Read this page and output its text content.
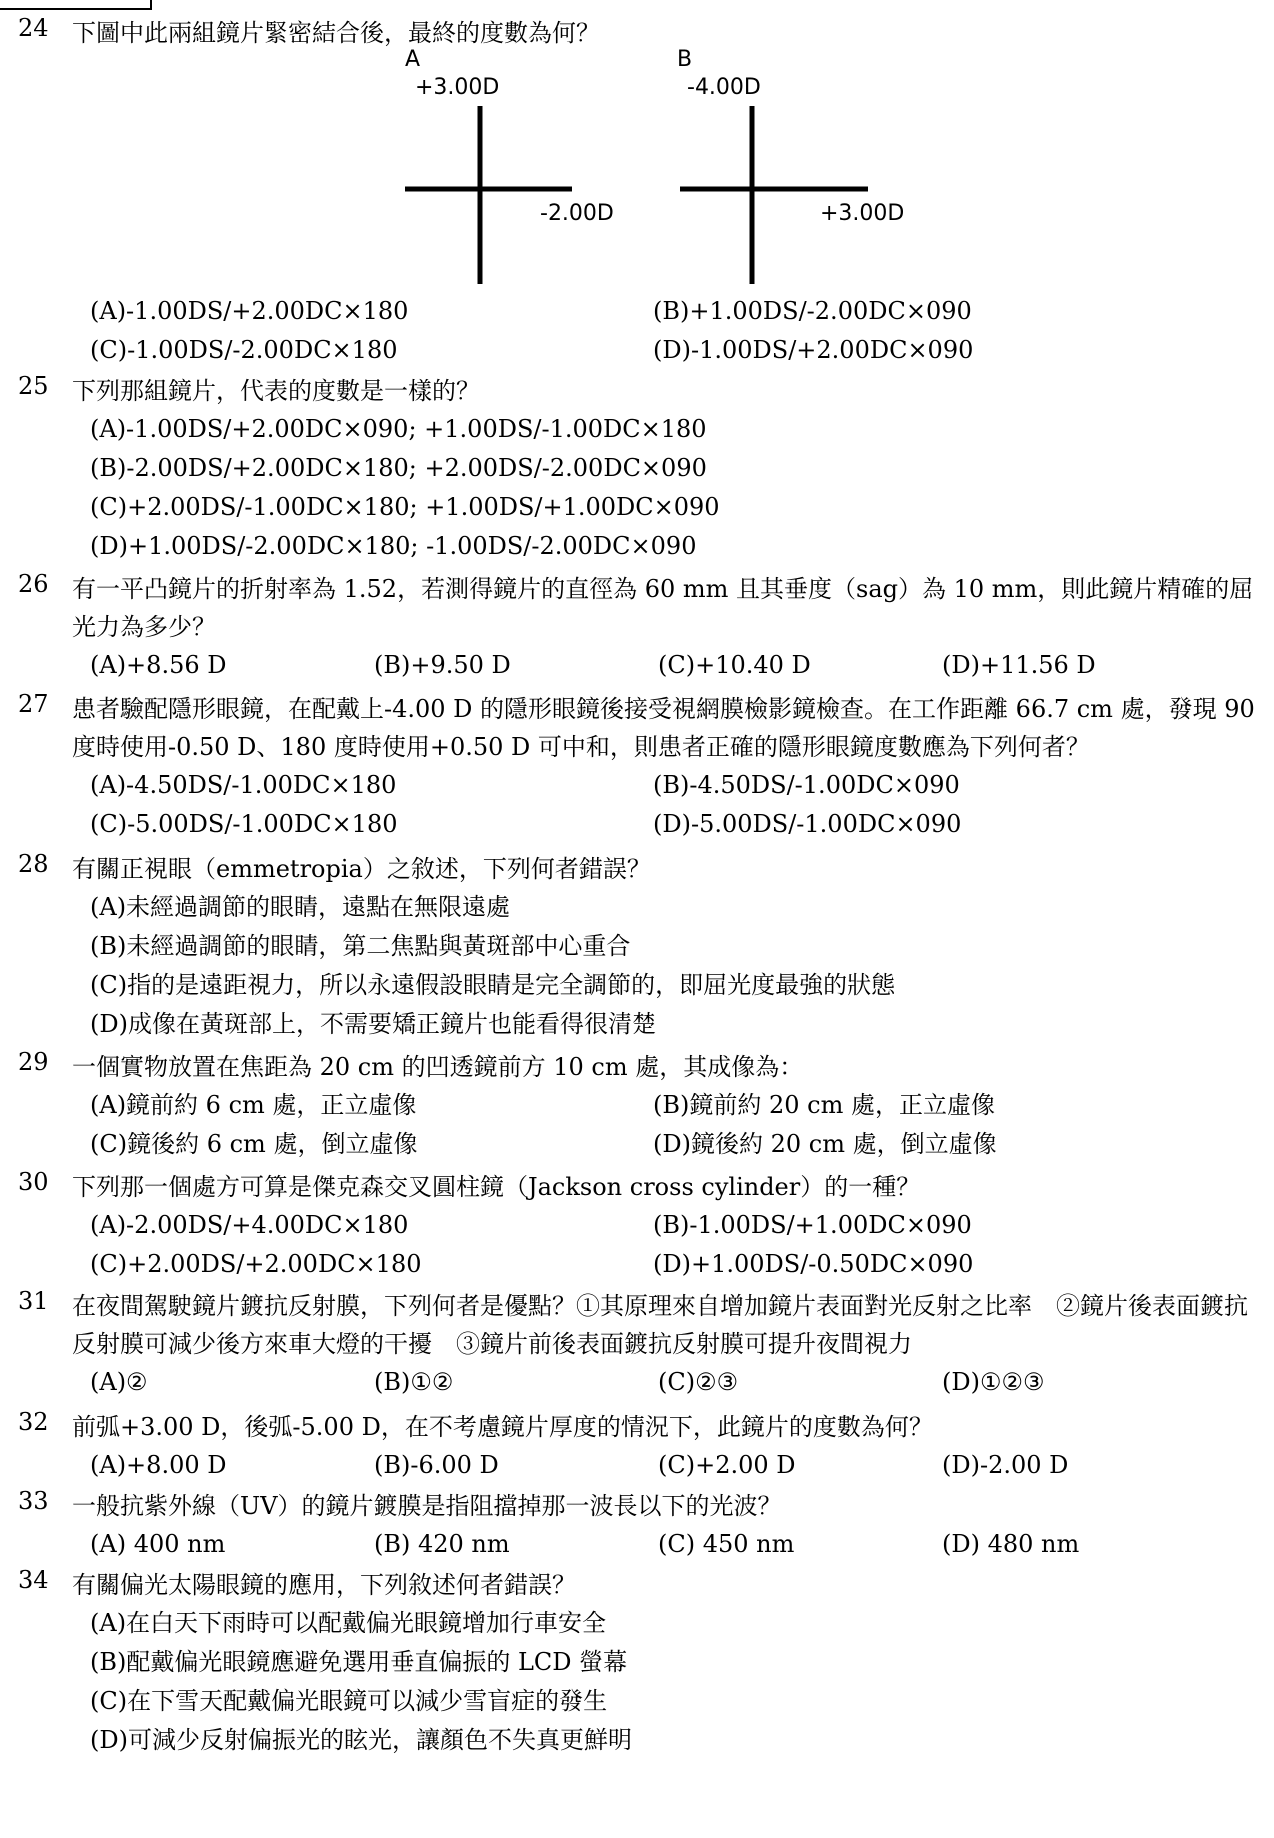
24 下圖中此兩組鏡片緊密結合後，最終的度數為何？
A
+3.00D
-2.00D
B
-4.00D
+3.00D
(A)-1.00DS/+2.00DC×180	(B)+1.00DS/-2.00DC×090
(C)-1.00DS/-2.00DC×180	(D)-1.00DS/+2.00DC×090
25 下列那組鏡片，代表的度數是一樣的？
(A)-1.00DS/+2.00DC×090; +1.00DS/-1.00DC×180
(B)-2.00DS/+2.00DC×180; +2.00DS/-2.00DC×090
(C)+2.00DS/-1.00DC×180; +1.00DS/+1.00DC×090
(D)+1.00DS/-2.00DC×180; -1.00DS/-2.00DC×090
26 有一平凸鏡片的折射率為 1.52，若測得鏡片的直徑為 60 mm 且其垂度（sag）為 10 mm，則此鏡片精確的屈光力為多少？
(A)+8.56 D	(B)+9.50 D	(C)+10.40 D	(D)+11.56 D
27 患者驗配隱形眼鏡，在配戴上-4.00 D 的隱形眼鏡後接受視網膜檢影鏡檢查。在工作距離 66.7 cm 處，發現 90 度時使用-0.50 D、180 度時使用+0.50 D 可中和，則患者正確的隱形眼鏡度數應為下列何者？
(A)-4.50DS/-1.00DC×180	(B)-4.50DS/-1.00DC×090
(C)-5.00DS/-1.00DC×180	(D)-5.00DS/-1.00DC×090
28 有關正視眼（emmetropia）之敘述，下列何者錯誤？
(A)未經過調節的眼睛，遠點在無限遠處
(B)未經過調節的眼睛，第二焦點與黃斑部中心重合
(C)指的是遠距視力，所以永遠假設眼睛是完全調節的，即屈光度最強的狀態
(D)成像在黃斑部上，不需要矯正鏡片也能看得很清楚
29 一個實物放置在焦距為 20 cm 的凹透鏡前方 10 cm 處，其成像為：
(A)鏡前約 6 cm 處，正立虛像	(B)鏡前約 20 cm 處，正立虛像
(C)鏡後約 6 cm 處，倒立虛像	(D)鏡後約 20 cm 處，倒立虛像
30 下列那一個處方可算是傑克森交叉圓柱鏡（Jackson cross cylinder）的一種？
(A)-2.00DS/+4.00DC×180	(B)-1.00DS/+1.00DC×090
(C)+2.00DS/+2.00DC×180	(D)+1.00DS/-0.50DC×090
31 在夜間駕駛鏡片鍍抗反射膜，下列何者是優點？①其原理來自增加鏡片表面對光反射之比率　②鏡片後表面鍍抗反射膜可減少後方來車大燈的干擾　③鏡片前後表面鍍抗反射膜可提升夜間視力
(A)②	(B)①②	(C)②③	(D)①②③
32 前弧+3.00 D，後弧-5.00 D，在不考慮鏡片厚度的情況下，此鏡片的度數為何？
(A)+8.00 D	(B)-6.00 D	(C)+2.00 D	(D)-2.00 D
33 一般抗紫外線（UV）的鏡片鍍膜是指阻擋掉那一波長以下的光波？
(A) 400 nm	(B) 420 nm	(C) 450 nm	(D) 480 nm
34 有關偏光太陽眼鏡的應用，下列敘述何者錯誤？
(A)在白天下雨時可以配戴偏光眼鏡增加行車安全
(B)配戴偏光眼鏡應避免選用垂直偏振的 LCD 螢幕
(C)在下雪天配戴偏光眼鏡可以減少雪盲症的發生
(D)可減少反射偏振光的眩光，讓顏色不失真更鮮明
